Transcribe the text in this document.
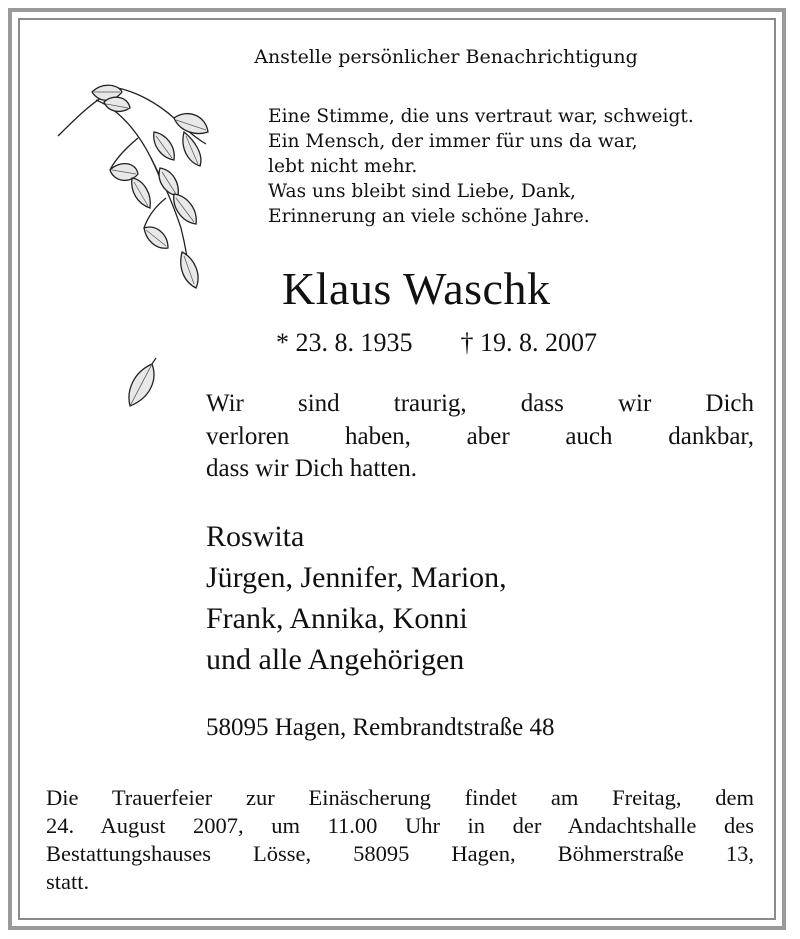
Anstelle persönlicher Benachrichtigung

Eine Stimme, die uns vertraut war, schweigt.
Ein Mensch, der immer für uns da war,
lebt nicht mehr.
Was uns bleibt sind Liebe, Dank,
Erinnerung an viele schöne Jahre.

Klaus Waschk

* 23. 8. 1935 † 19. 8. 2007

Wir sind traurig, dass wir Dich
verloren haben, aber auch dankbar,
dass wir Dich hatten.
Roswita
Jürgen, Jennifer, Marion,
Frank, Annika, Konni
und alle Angehörigen

58095 Hagen, Rembrandtstraße 48

Die Trauerfeier zur Einäscherung findet am Freitag, dem
24. August 2007, um 11.00 Uhr in der Andachtshalle des
Bestattungshauses Lösse, 58095 Hagen, Böhmerstraße 13,
statt.
